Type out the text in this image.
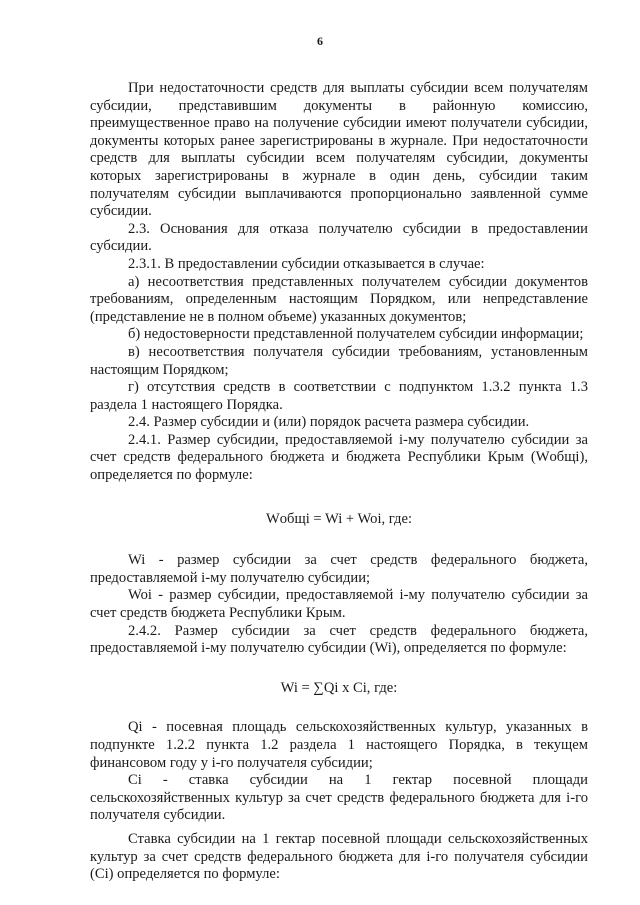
6

При недостаточности средств для выплаты субсидии всем получателям субсидии, представившим документы в районную комиссию, преимущественное право на получение субсидии имеют получатели субсидии, документы которых ранее зарегистрированы в журнале. При недостаточности средств для выплаты субсидии всем получателям субсидии, документы которых зарегистрированы в журнале в один день, субсидии таким получателям субсидии выплачиваются пропорционально заявленной сумме субсидии.

2.3. Основания для отказа получателю субсидии в предоставлении субсидии.

2.3.1. В предоставлении субсидии отказывается в случае:

а) несоответствия представленных получателем субсидии документов требованиям, определенным настоящим Порядком, или непредставление (представление не в полном объеме) указанных документов;

б) недостоверности представленной получателем субсидии информации;

в) несоответствия получателя субсидии требованиям, установленным настоящим Порядком;

г) отсутствия средств в соответствии с подпунктом 1.3.2 пункта 1.3 раздела 1 настоящего Порядка.

2.4. Размер субсидии и (или) порядок расчета размера субсидии.

2.4.1. Размер субсидии, предоставляемой i-му получателю субсидии за счет средств федерального бюджета и бюджета Республики Крым (Wобщi), определяется по формуле:

Wобщi = Wi + Woi, где:

Wi - размер субсидии за счет средств федерального бюджета, предоставляемой i-му получателю субсидии;

Woi - размер субсидии, предоставляемой i-му получателю субсидии за счет средств бюджета Республики Крым.

2.4.2. Размер субсидии за счет средств федерального бюджета, предоставляемой i-му получателю субсидии (Wi), определяется по формуле:

Wi = ∑Qi x Ci, где:

Qi - посевная площадь сельскохозяйственных культур, указанных в подпункте 1.2.2 пункта 1.2 раздела 1 настоящего Порядка, в текущем финансовом году у i-го получателя субсидии;

Ci - ставка субсидии на 1 гектар посевной площади сельскохозяйственных культур за счет средств федерального бюджета для i-го получателя субсидии.

Ставка субсидии на 1 гектар посевной площади сельскохозяйственных культур за счет средств федерального бюджета для i-го получателя субсидии (Ci) определяется по формуле:
